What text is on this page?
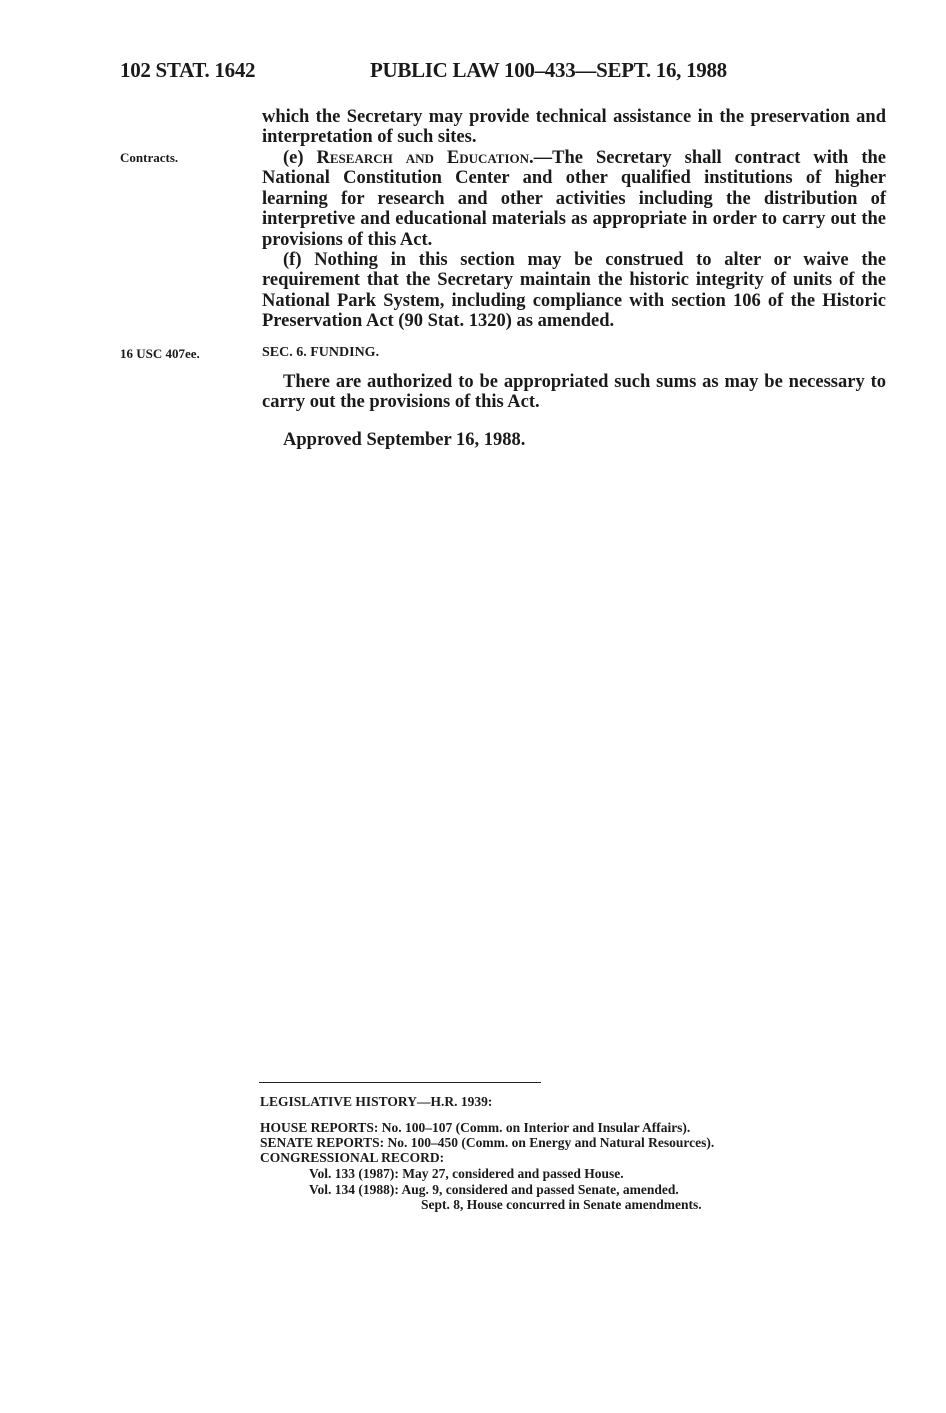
102 STAT. 1642	PUBLIC LAW 100–433—SEPT. 16, 1988

which the Secretary may provide technical assistance in the preservation and interpretation of such sites.

Contracts.	(e) Research and Education.—The Secretary shall contract with the National Constitution Center and other qualified institutions of higher learning for research and other activities including the distribution of interpretive and educational materials as appropriate in order to carry out the provisions of this Act.

(f) Nothing in this section may be construed to alter or waive the requirement that the Secretary maintain the historic integrity of units of the National Park System, including compliance with section 106 of the Historic Preservation Act (90 Stat. 1320) as amended.

16 USC 407ee.	SEC. 6. FUNDING.

There are authorized to be appropriated such sums as may be necessary to carry out the provisions of this Act.

Approved September 16, 1988.

LEGISLATIVE HISTORY—H.R. 1939:
HOUSE REPORTS: No. 100–107 (Comm. on Interior and Insular Affairs).
SENATE REPORTS: No. 100–450 (Comm. on Energy and Natural Resources).
CONGRESSIONAL RECORD:
Vol. 133 (1987): May 27, considered and passed House.
Vol. 134 (1988): Aug. 9, considered and passed Senate, amended.
Sept. 8, House concurred in Senate amendments.
